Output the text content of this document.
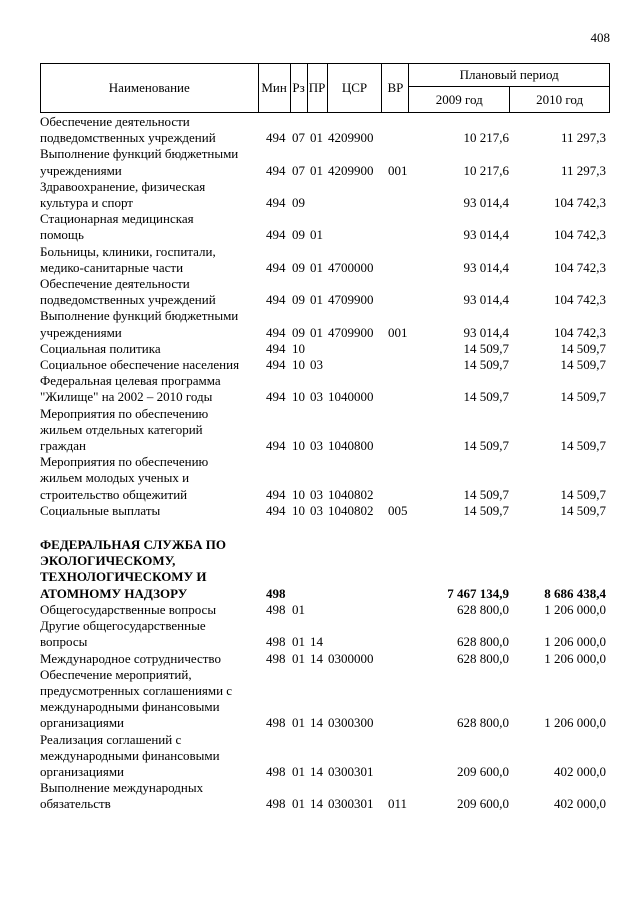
408
Наименование	Мин	Рз	ПР	ЦСР	ВР	Плановый период	
						2009 год	2010 год
Обеспечение деятельности
подведомственных учреждений	494 07 01 4209900	10 217,6	11 297,3
Выполнение функций бюджетными
учреждениями	494 07 01 4209900 001	10 217,6	11 297,3
Здравоохранение, физическая
культура и спорт	494 09	93 014,4	104 742,3
Стационарная медицинская
помощь	494 09 01	93 014,4	104 742,3
Больницы, клиники, госпитали,
медико-санитарные части	494 09 01 4700000	93 014,4	104 742,3
Обеспечение деятельности
подведомственных учреждений	494 09 01 4709900	93 014,4	104 742,3
Выполнение функций бюджетными
учреждениями	494 09 01 4709900 001	93 014,4	104 742,3
Социальная политика	494 10	14 509,7	14 509,7
Социальное обеспечение населения	494 10 03	14 509,7	14 509,7
Федеральная целевая программа
"Жилище" на 2002 – 2010 годы	494 10 03 1040000	14 509,7	14 509,7
Мероприятия по обеспечению
жильем отдельных категорий
граждан	494 10 03 1040800	14 509,7	14 509,7
Мероприятия по обеспечению
жильем молодых ученых и
строительство общежитий	494 10 03 1040802	14 509,7	14 509,7
Социальные выплаты	494 10 03 1040802 005	14 509,7	14 509,7
ФЕДЕРАЛЬНАЯ СЛУЖБА ПО
ЭКОЛОГИЧЕСКОМУ,
ТЕХНОЛОГИЧЕСКОМУ И
АТОМНОМУ НАДЗОРУ	498	7 467 134,9	8 686 438,4
Общегосударственные вопросы	498 01	628 800,0	1 206 000,0
Другие общегосударственные
вопросы	498 01 14	628 800,0	1 206 000,0
Международное сотрудничество	498 01 14 0300000	628 800,0	1 206 000,0
Обеспечение мероприятий,
предусмотренных соглашениями с
международными финансовыми
организациями	498 01 14 0300300	628 800,0	1 206 000,0
Реализация соглашений с
международными финансовыми
организациями	498 01 14 0300301	209 600,0	402 000,0
Выполнение международных
обязательств	498 01 14 0300301 011	209 600,0	402 000,0
